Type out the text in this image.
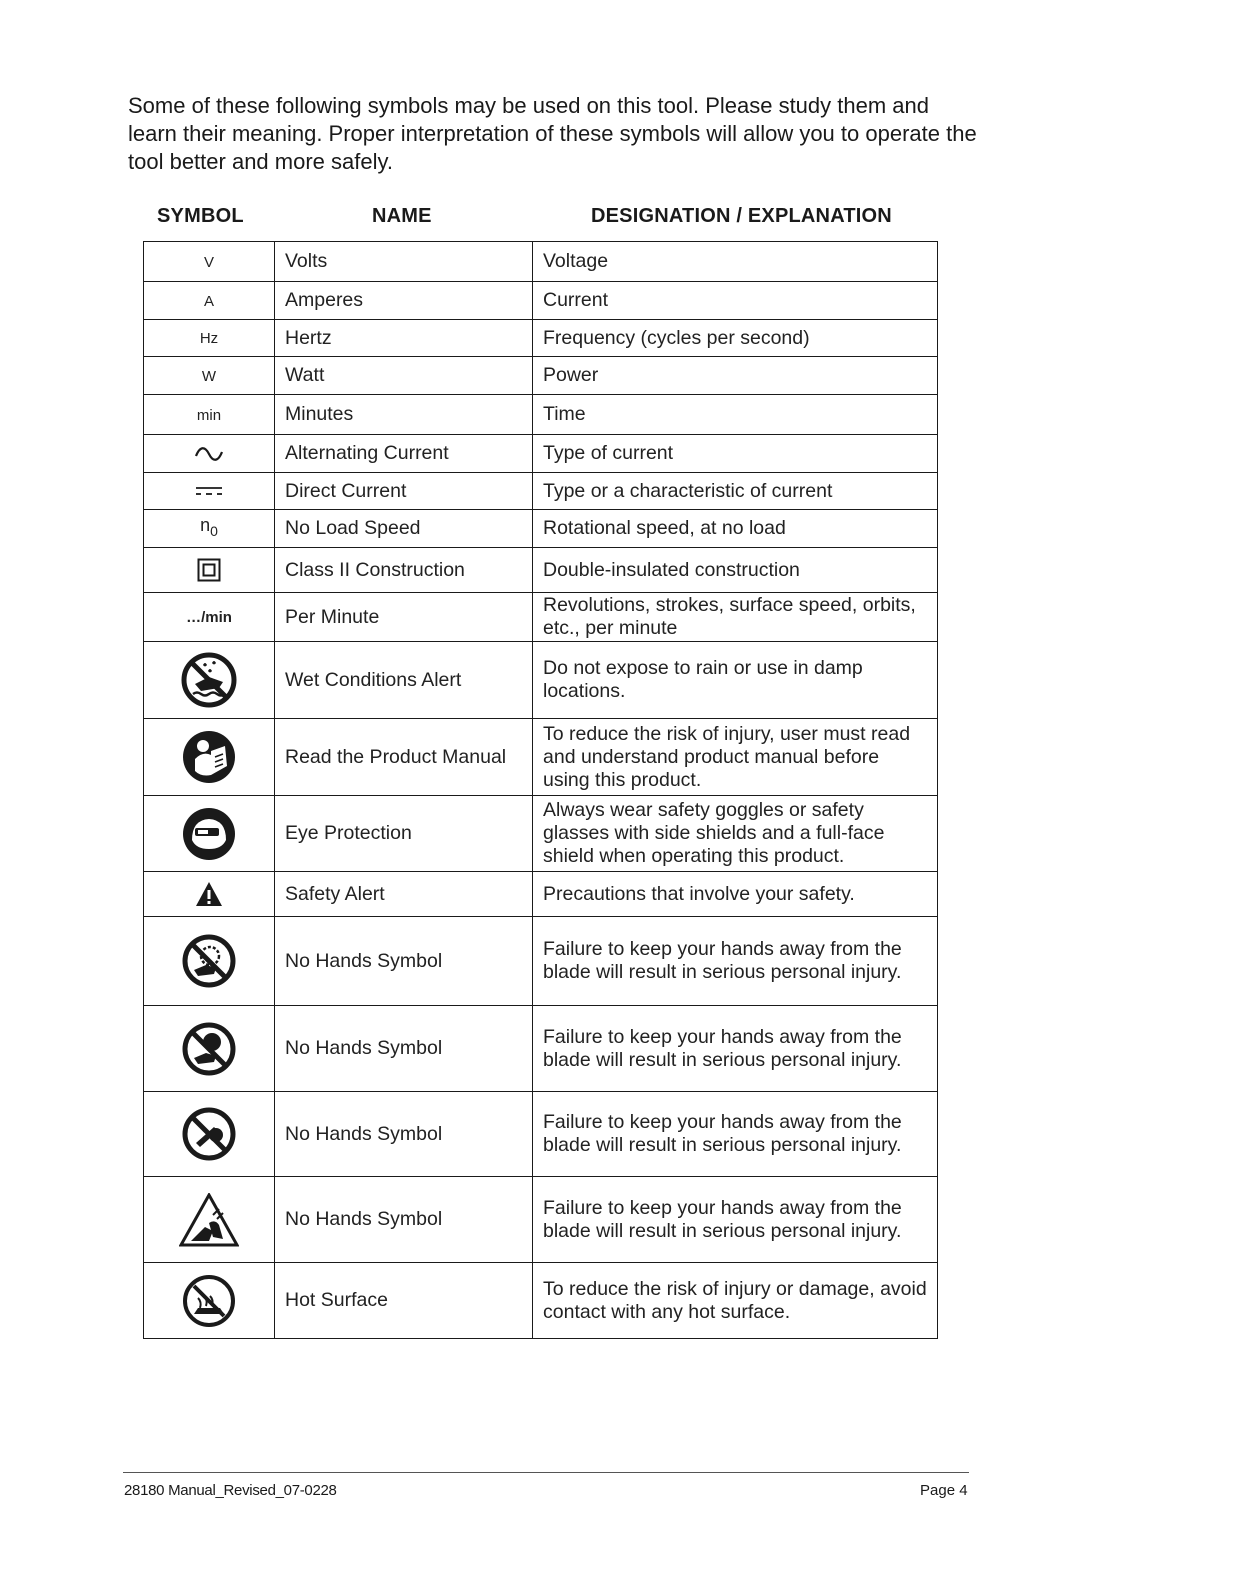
Some of these following symbols may be used on this tool. Please study them and learn their meaning. Proper interpretation of these symbols will allow you to operate the tool better and more safely.

SYMBOL	NAME	DESIGNATION / EXPLANATION
V	Volts	Voltage
A	Amperes	Current
Hz	Hertz	Frequency (cycles per second)
W	Watt	Power
min	Minutes	Time

	Alternating Current	Type of current

	Direct Current	Type or a characteristic of current
$n_0$	No Load Speed	Rotational speed, at no load

	Class II Construction	Double-insulated construction
…/min	Per Minute	Revolutions, strokes, surface speed, orbits, etc., per minute

	Wet Conditions Alert	Do not expose to rain or use in damp locations.

	Read the Product Manual	To reduce the risk of injury, user must read and understand product manual before using this product.

	Eye Protection	Always wear safety goggles or safety glasses with side shields and a full-face shield when operating this product.

	Safety Alert	Precautions that involve your safety.

	No Hands Symbol	Failure to keep your hands away from the blade will result in serious personal injury.

	No Hands Symbol	Failure to keep your hands away from the blade will result in serious personal injury.

	No Hands Symbol	Failure to keep your hands away from the blade will result in serious personal injury.

	No Hands Symbol	Failure to keep your hands away from the blade will result in serious personal injury.

	Hot Surface	To reduce the risk of injury or damage, avoid contact with any hot surface.
28180 Manual_Revised_07-0228	Page 4
